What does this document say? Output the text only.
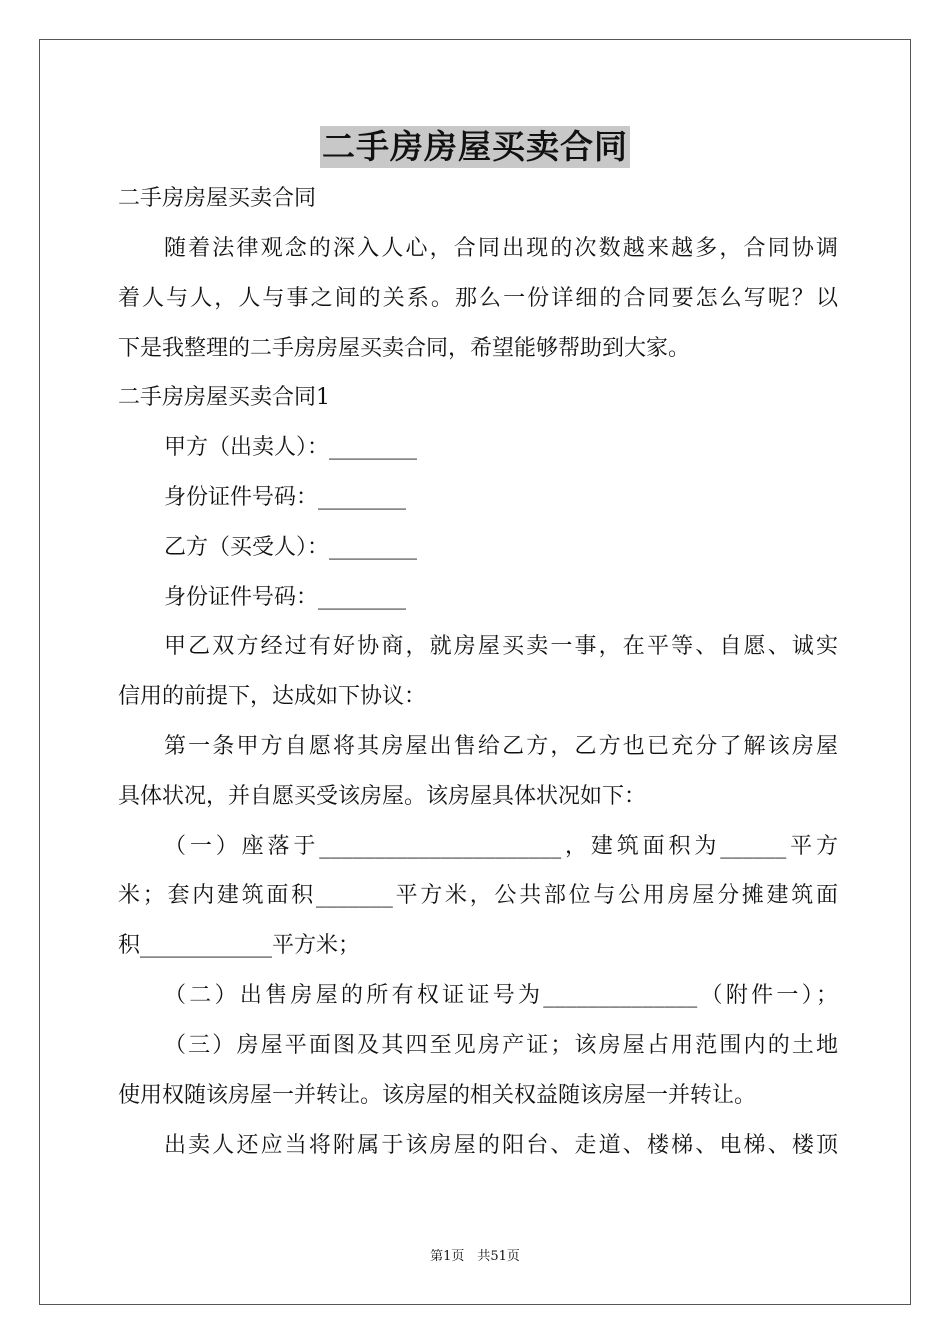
二手房房屋买卖合同
二手房房屋买卖合同
随着法律观念的深入人心，合同出现的次数越来越多，合同协调
着人与人，人与事之间的关系。那么一份详细的合同要怎么写呢？以
下是我整理的二手房房屋买卖合同，希望能够帮助到大家。
二手房房屋买卖合同1
甲方（出卖人）：________
身份证件号码：________
乙方（买受人）：________
身份证件号码：________
甲乙双方经过有好协商，就房屋买卖一事，在平等、自愿、诚实
信用的前提下，达成如下协议：
第一条甲方自愿将其房屋出售给乙方，乙方也已充分了解该房屋
具体状况，并自愿买受该房屋。该房屋具体状况如下：
（一）座落于______________________，建筑面积为______平方
米；套内建筑面积_______平方米，公共部位与公用房屋分摊建筑面
积____________平方米；
（二）出售房屋的所有权证证号为______________（附件一）；
（三）房屋平面图及其四至见房产证；该房屋占用范围内的土地
使用权随该房屋一并转让。该房屋的相关权益随该房屋一并转让。
出卖人还应当将附属于该房屋的阳台、走道、楼梯、电梯、楼顶
第1页　共51页
